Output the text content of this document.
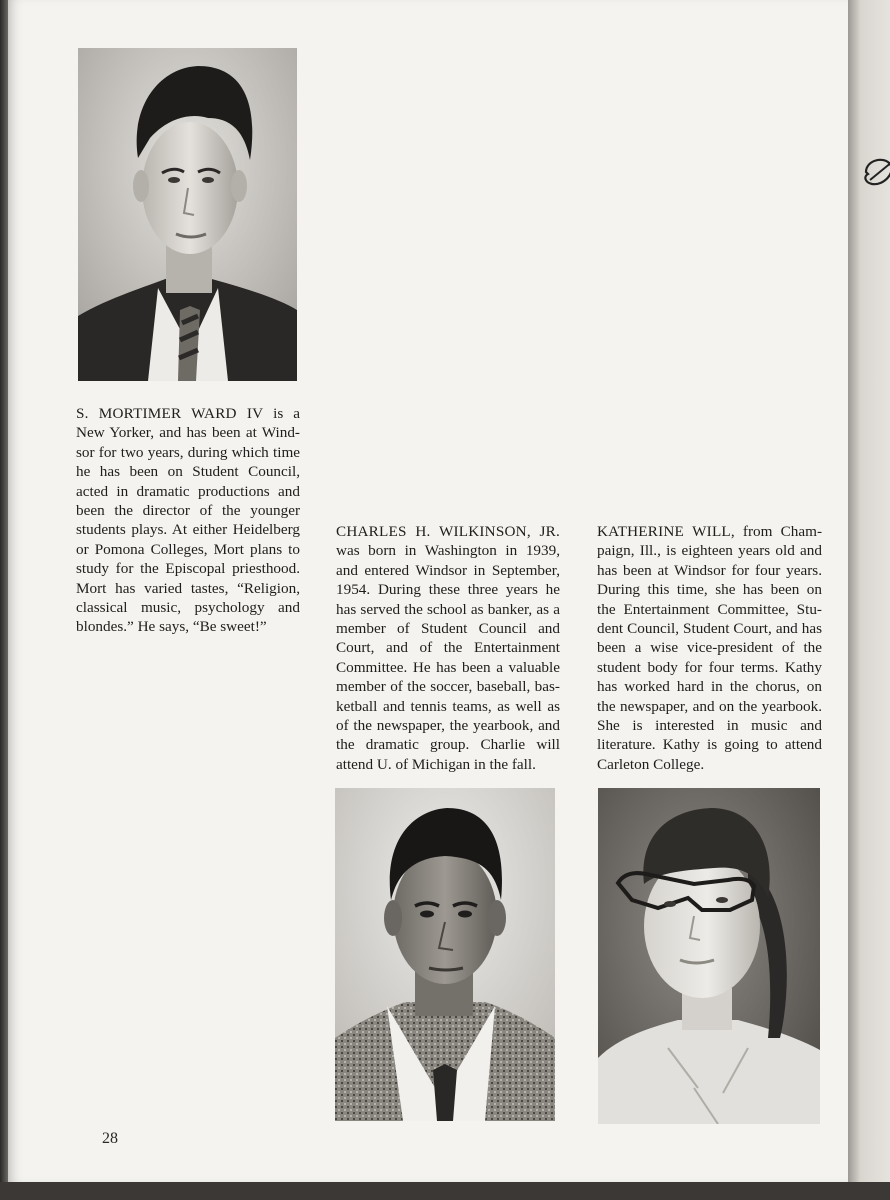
S. MORTIMER WARD IV is a New Yorker, and has been at Wind- sor for two years, during which time he has been on Student Council, acted in dramatic productions and been the director of the younger students plays. At either Heidelberg or Pomona Colleges, Mort plans to study for the Episcopal priesthood. Mort has varied tastes, “Religion, classical music, psychology and blondes.” He says, “Be sweet!”

CHARLES H. WILKINSON, JR. was born in Washington in 1939, and entered Windsor in September, 1954. During these three years he has served the school as banker, as a member of Student Council and Court, and of the Entertainment Committee. He has been a valuable member of the soccer, baseball, bas- ketball and tennis teams, as well as of the newspaper, the yearbook, and the dramatic group. Charlie will attend U. of Michigan in the fall.

KATHERINE WILL, from Cham- paign, Ill., is eighteen years old and has been at Windsor for four years. During this time, she has been on the Entertainment Committee, Stu- dent Council, Student Court, and has been a wise vice-president of the student body for four terms. Kathy has worked hard in the chorus, on the newspaper, and on the yearbook. She is interested in music and literature. Kathy is going to attend Carleton College.

28
